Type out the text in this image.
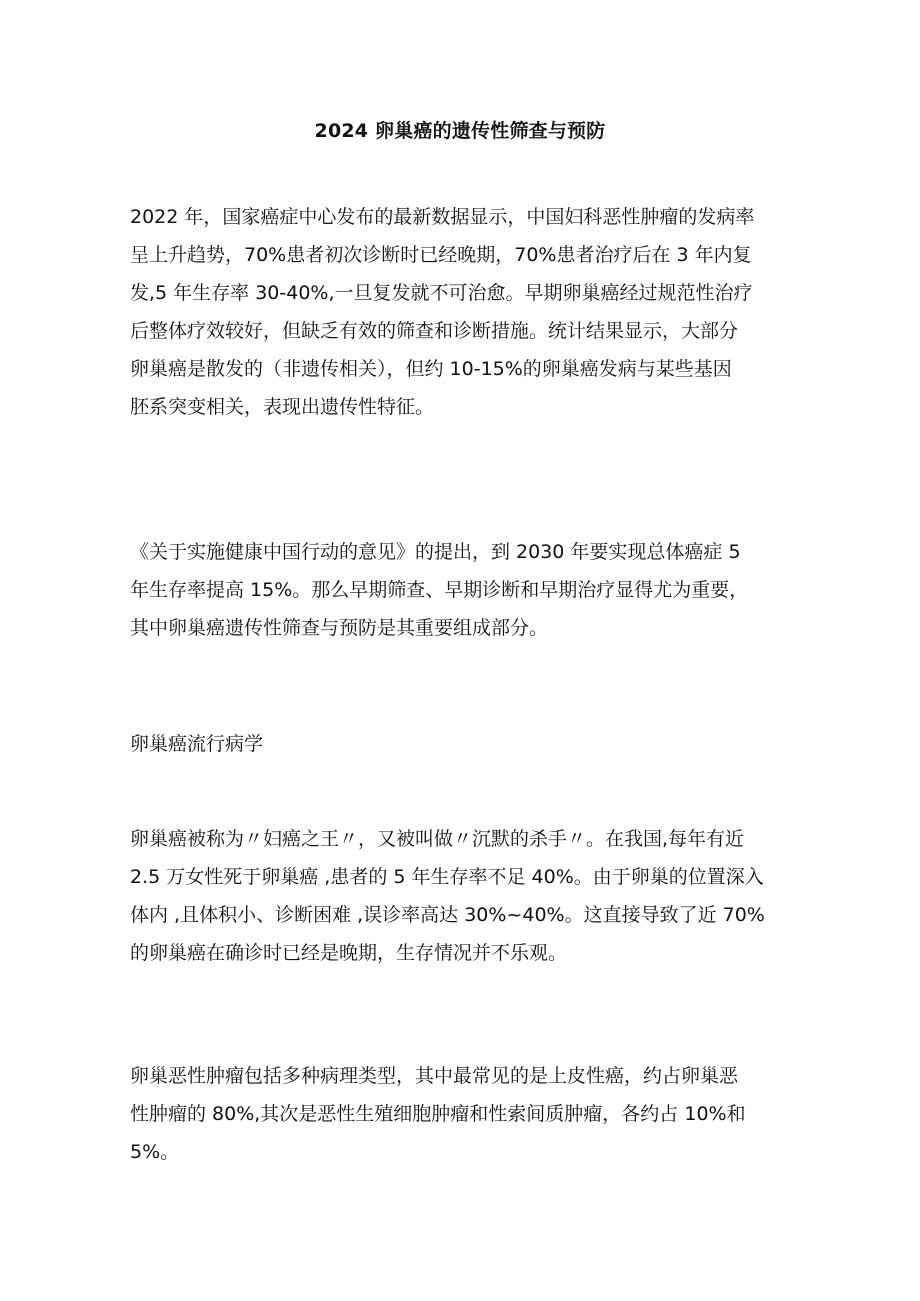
2024 卵巢癌的遗传性筛查与预防
2022 年，国家癌症中心发布的最新数据显示，中国妇科恶性肿瘤的发病率
呈上升趋势，70%患者初次诊断时已经晚期，70%患者治疗后在 3 年内复
发,5 年生存率 30-40%,一旦复发就不可治愈。早期卵巢癌经过规范性治疗
后整体疗效较好，但缺乏有效的筛查和诊断措施。统计结果显示，大部分
卵巢癌是散发的（非遗传相关），但约 10-15%的卵巢癌发病与某些基因
胚系突变相关，表现出遗传性特征。
《关于实施健康中国行动的意见》的提出，到 2030 年要实现总体癌症 5
年生存率提高 15%。那么早期筛查、早期诊断和早期治疗显得尤为重要，
其中卵巢癌遗传性筛查与预防是其重要组成部分。
卵巢癌流行病学
卵巢癌被称为〃妇癌之王〃，又被叫做〃沉默的杀手〃。在我国,每年有近
2.5 万女性死于卵巢癌 ,患者的 5 年生存率不足 40%。由于卵巢的位置深入
体内 ,且体积小、诊断困难 ,误诊率高达 30%~40%。这直接导致了近 70%
的卵巢癌在确诊时已经是晚期，生存情况并不乐观。
卵巢恶性肿瘤包括多种病理类型，其中最常见的是上皮性癌，约占卵巢恶
性肿瘤的 80%,其次是恶性生殖细胞肿瘤和性索间质肿瘤，各约占 10%和
5%。
